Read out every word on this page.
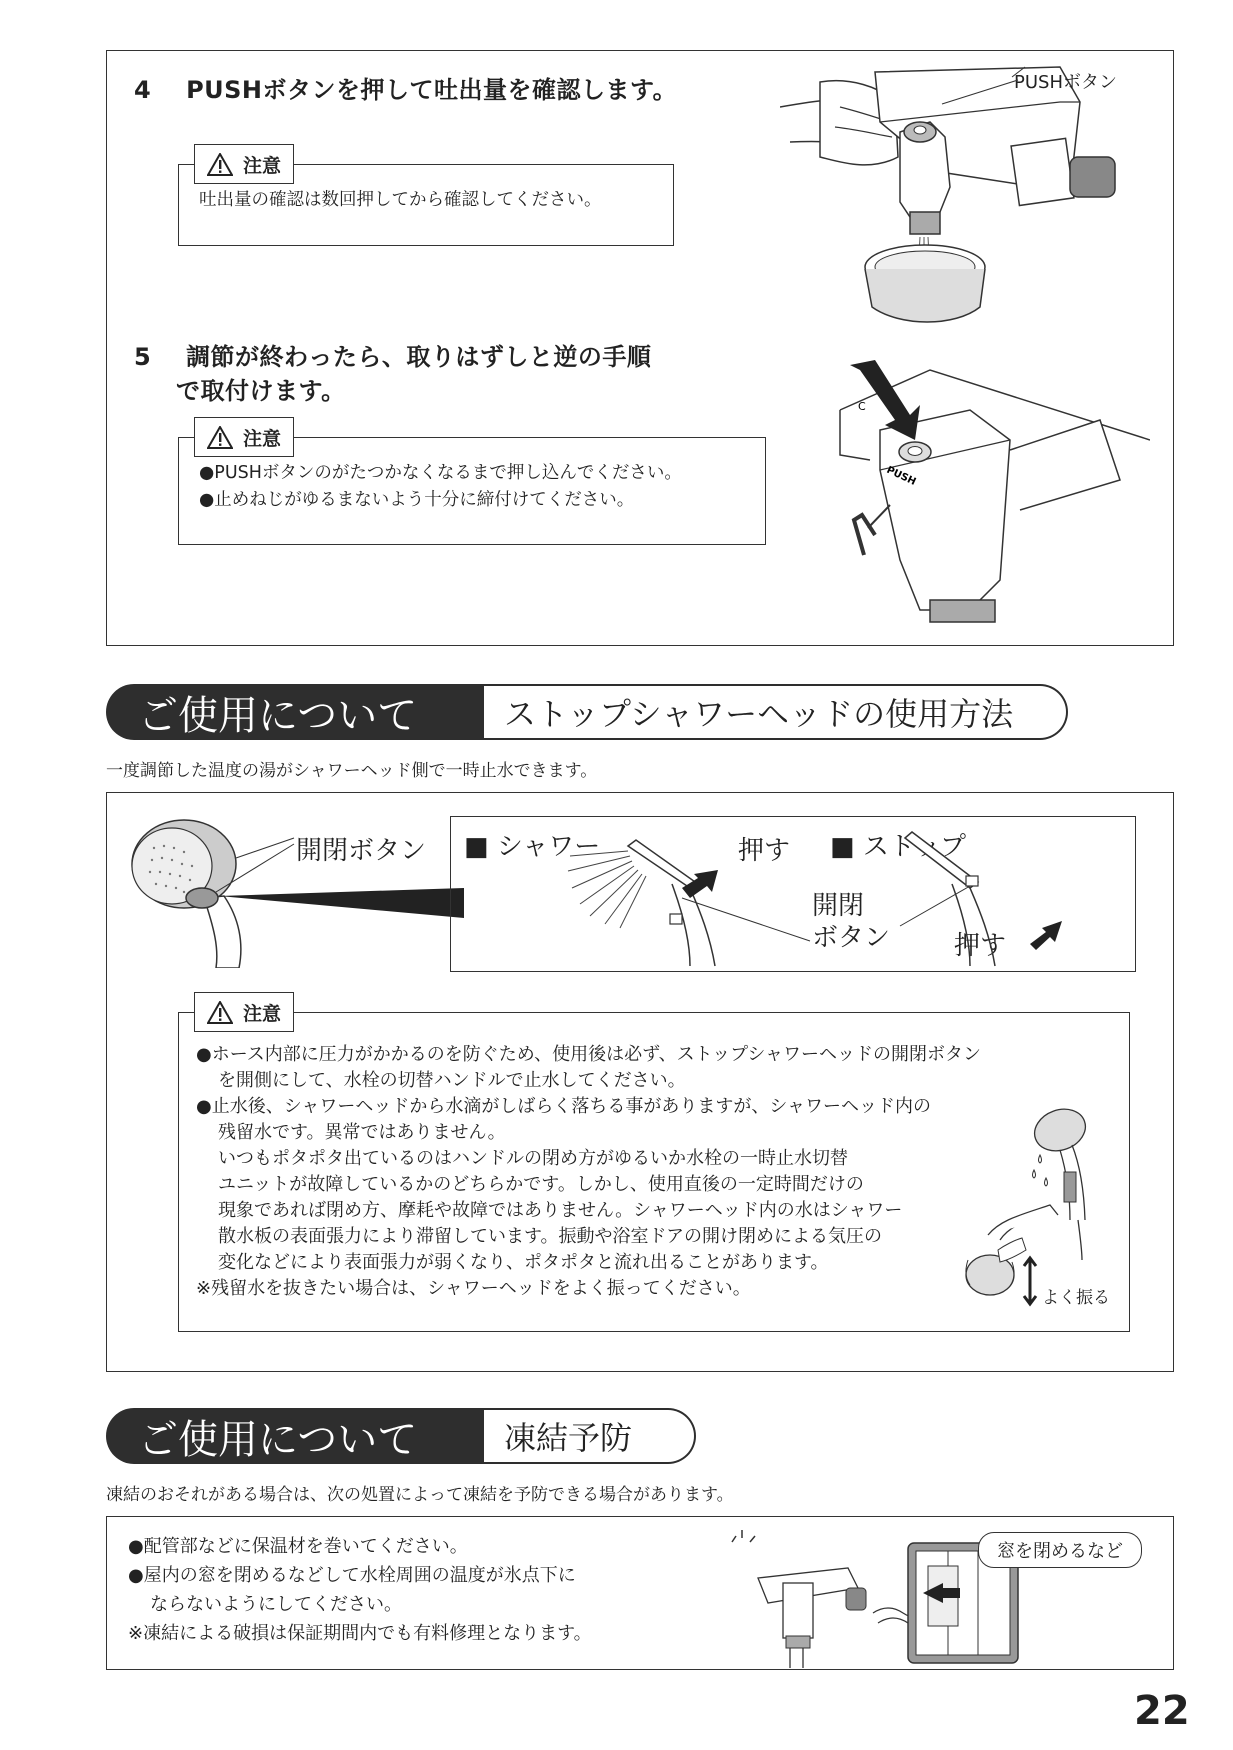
4 PUSHボタンを押して吐出量を確認します。
吐出量の確認は数回押してから確認してください。
注意
PUSHボタン
5 調節が終わったら、取りはずしと逆の手順
で取付けます。
●PUSHボタンのがたつかなくなるまで押し込んでください。
●止めねじがゆるまないよう十分に締付けてください。
注意
PUSH
C
ご使用について	ストップシャワーヘッドの使用方法
一度調節した温度の湯がシャワーヘッド側で一時止水できます。
開閉ボタン ■ シャワー	押す ■ ストップ
開閉
ボタン 押す
注意
●ホース内部に圧力がかかるのを防ぐため、使用後は必ず、ストップシャワーヘッドの開閉ボタン
を開側にして、水栓の切替ハンドルで止水してください。
●止水後、シャワーヘッドから水滴がしばらく落ちる事がありますが、シャワーヘッド内の
残留水です。異常ではありません。
いつもポタポタ出ているのはハンドルの閉め方がゆるいか水栓の一時止水切替
ユニットが故障しているかのどちらかです。しかし、使用直後の一定時間だけの
現象であれば閉め方、摩耗や故障ではありません。シャワーヘッド内の水はシャワー
散水板の表面張力により滞留しています。振動や浴室ドアの開け閉めによる気圧の
変化などにより表面張力が弱くなり、ポタポタと流れ出ることがあります。
※残留水を抜きたい場合は、シャワーヘッドをよく振ってください。	よく振る
ご使用について	凍結予防
凍結のおそれがある場合は、次の処置によって凍結を予防できる場合があります。
●配管部などに保温材を巻いてください。
●屋内の窓を閉めるなどして水栓周囲の温度が氷点下に
ならないようにしてください。
※凍結による破損は保証期間内でも有料修理となります。
窓を閉めるなど
22
